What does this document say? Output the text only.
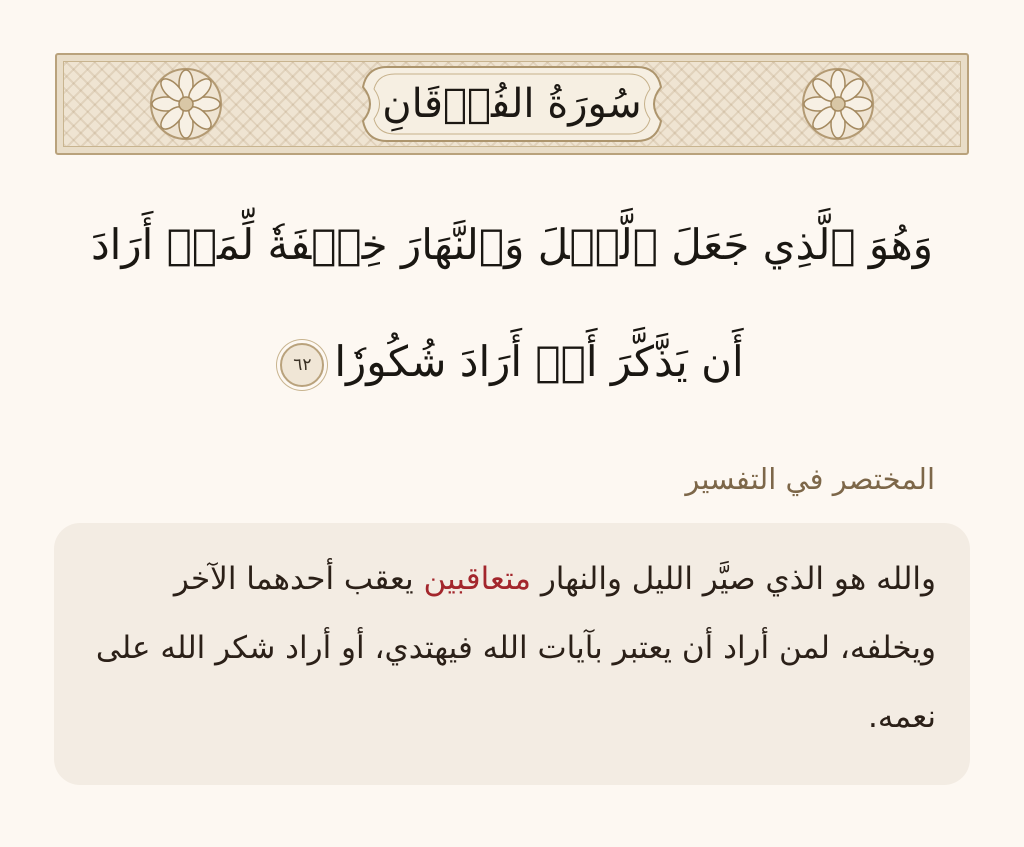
سُورَةُ الفُرۡقَانِ
وَهُوَ ٱلَّذِي جَعَلَ ٱلَّيۡلَ وَٱلنَّهَارَ خِلۡفَةٗ لِّمَنۡ أَرَادَ
أَن يَذَّكَّرَ أَوۡ أَرَادَ شُكُورٗا
٦٢
المختصر في التفسير
والله هو الذي صيَّر الليل والنهار متعاقبين يعقب أحدهما الآخر ويخلفه، لمن أراد أن يعتبر بآيات الله فيهتدي، أو أراد شكر الله على نعمه.
